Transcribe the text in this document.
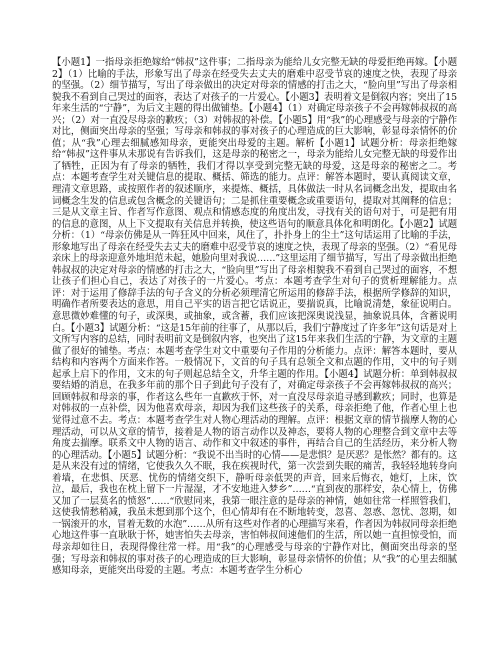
【小题1】一指母亲拒绝嫁给“韩叔”这件事；二指母亲为能给儿女完整无缺的母爱拒绝再嫁。【小题2】（1）比喻的手法，形象写出了母亲在经受失去丈夫的磨难中忍受节哀的速度之快，表现了母亲的坚强。（2）细节描写，写出了母亲做出的决定对母亲的情感的打击之大，“脸向里”写出了母亲相貌我不看到自己哭过的面容，表达了对孩子的一片爱心。【小题3】表明着文是倒叙内容；突出了15年来生活的“宁静”，为后文主题的得出做铺垫。【小题4】（1）对确定母亲孩子不会再嫁韩叔叔的高兴；（2）对一直没尽母亲的歉疚；（3）对韩叔的补偿。【小题5】用“我”的心理感受与母亲的宁静作对比，侧面突出母亲的坚强；写母亲和韩叔的事对孩子的心理造成的巨大影响，彰显母亲情怀的价值；从“我”心理去细腻感知母亲，更能突出母爱的主题。解析【小题1】试题分析：母亲拒绝嫁给“韩叔”这件事从未那说有告诉我们，这是母亲的秘密之一，母亲为能给儿女完整无缺的母爱作出了牺牲，正因为有了母亲的牺牲，我们才得以享受到完整无缺的母爱，这是母亲的秘密之二。考点：本题考查学生对关键信息的提取、概括、筛选的能力。点评：解答本题时，要认真阅读文章，理清文章思路，或按照作者的叙述顺序，来提炼、概括，具体做法一时从名词概念出发，提取由名词概念生发的信息或包含概念的关键语句；二是抓住重要概念或重要语句，提取对其阐释的信息；三是从文章主旨、作者写作意图、观点和情感态度的角度出发，寻找有关的语句对于，可是把有用的信息的意图，从上下文提取有关信息并转换，使这些语句的顺意具体化和明朗化。【小题2】试题分析：（1）“母亲仿佛是从一阵狂风中回来，风住了，扑扑身上的尘土”这句话运用了比喻的手法，形象地写出了母亲在经受失去丈夫的磨难中忍受节哀的速度之快，表现了母亲的坚强。（2）“看见母亲床上的母亲迎意外地坦范未起，她脸向里对我说……”这里运用了细节描写，写出了母亲做出拒绝韩叔叔的决定对母亲的情感的打击之大，“脸向里”写出了母亲相貌我不看到自己哭过的面容，不想让孩子们担心自己，表达了对孩子的一片爱心。考点：本题考查学生对句子的赏析理解能力。点评：对于运用了修辞手法的句子含义的分析必须理清它所运用的修辞手法，根据所学修辞的知识，明确作者所要表达的意思，用自己平实的语言把它话说正，要揣说真，比喻说清楚，象征说明白。意思微妙难懂的句子，或深奥，或抽象，或含蓄，我们应该把深奥说浅显，抽象说具体，含蓄说明白。【小题3】试题分析：“这是15年前的往事了，从那以后，我们宁静度过了许多年”这句话是对上文所写内容的总结，同时表明前文是倒叙内容，也突出了这15年来我们生活的宁静，为文章的主题做了很好的铺垫。考点：本题考查学生对文中重要句子作用的分析能力。点评：解答本题时，要从结构和内容两个方面来作答。一般情况下，文首的句子具有总领全文和点题的作用，文中的句子则起承上启下的作用，文末的句子则起总结全文，升华主题的作用。【小题4】试题分析：单到韩叔叔要结婚的消息，在我多年前的那个日子到此句子没有了，对确定母亲孩子不会再嫁韩叔叔的高兴；回顾韩叔和母亲的事，作者这么些年一直歉疚于怀，对一直没尽母亲追寻感到歉疚；同时，也算是对韩叔的一点补偿，因为他喜欢母亲，却因为我们这些孩子的关系，母亲拒绝了他，作者心里上也觉得过意不去。考点：本题考查学生对人物心理活动的理解。点评：根据文章的情节揣摩人物的心理活动，可以从文章的情节，接着是人物的语言动作以及神态，要将人物的心理整合到文章中去等角度去揣摩。联系文中人物的语言、动作和文中叙述的事件，再结合自己的生活经历，来分析人物的心理活动。【小题5】试题分析：“我说不出当时的心情——是悲惧？是厌恶？是怅然？都有的。这是从来没有过的情绪，它使我久久不眠，我在疾视时代，第一次尝到失眠的痛苦，我轻轻地转身向着墙，在悲惧、厌恶、忧伤的情绪交织下，静听母亲低哭的声音，回来后悔衣，她灯，上床，饮泣，最后，我也在枕上留下一片湿湿，才不安地进入梦乡”……“直到夜的那样安，杂心情上，仿佛又加了一层莫名的愤怒”……“欣慰同来，我第一眼注意的是母亲的神情，她如往常一样照管我们，这使我情愁稍减，我虽未想到那个这个，但心情却有在不断地转变，忽喜、忽惑、忽忧、忽期，如一锅滚开的水，冒着无数的水泡”……从所有这些对作者的心理描写来看，作者因为韩叔同母亲拒绝心地这件事一直耿耿于怀，她害怕失去母亲，害怕韩叔间速他们的生活，所以她一直担惊受怕，而母亲却如往日，表现得像往常一样。用“我”的心理感受与母亲的宁静作对比，侧面突出母亲的坚强；写母亲和韩叔的事对孩子的心理造成的巨大影响，彰显母亲情怀的价值；从“我”的心里去细腻感知母亲，更能突出母爱的主题。考点：本题考查学生分析心
